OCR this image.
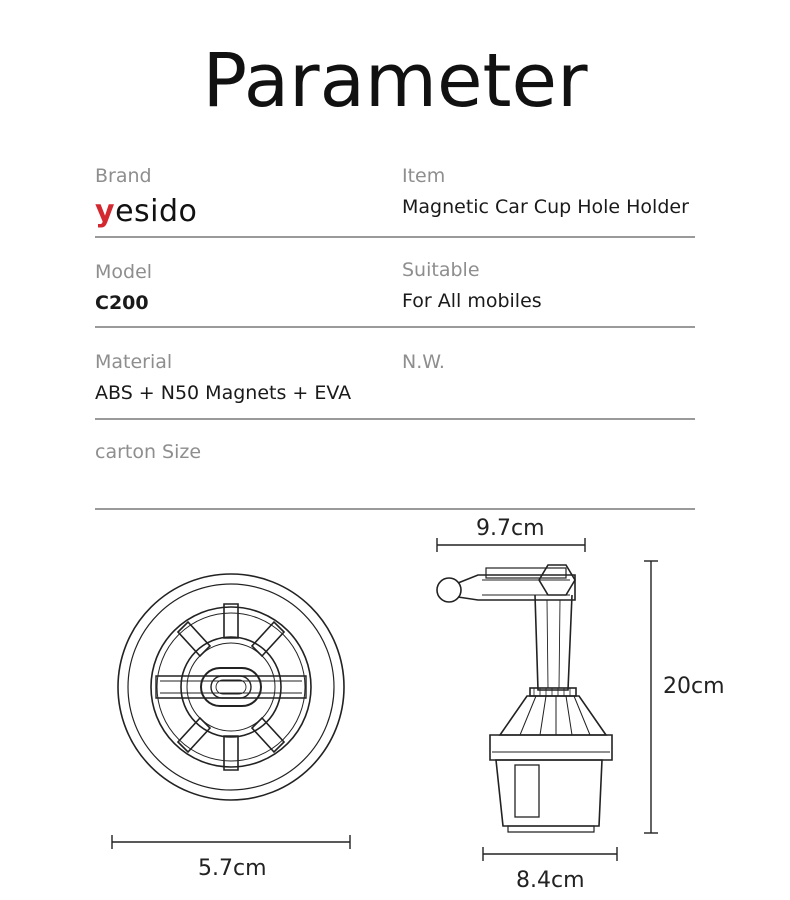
Parameter
Brand
yesido
Item
Magnetic Car Cup Hole Holder
Model
C200
Suitable
For All mobiles
Material
ABS + N50 Magnets + EVA
N.W.
carton Size
9.7cm
20cm
5.7cm	8.4cm
